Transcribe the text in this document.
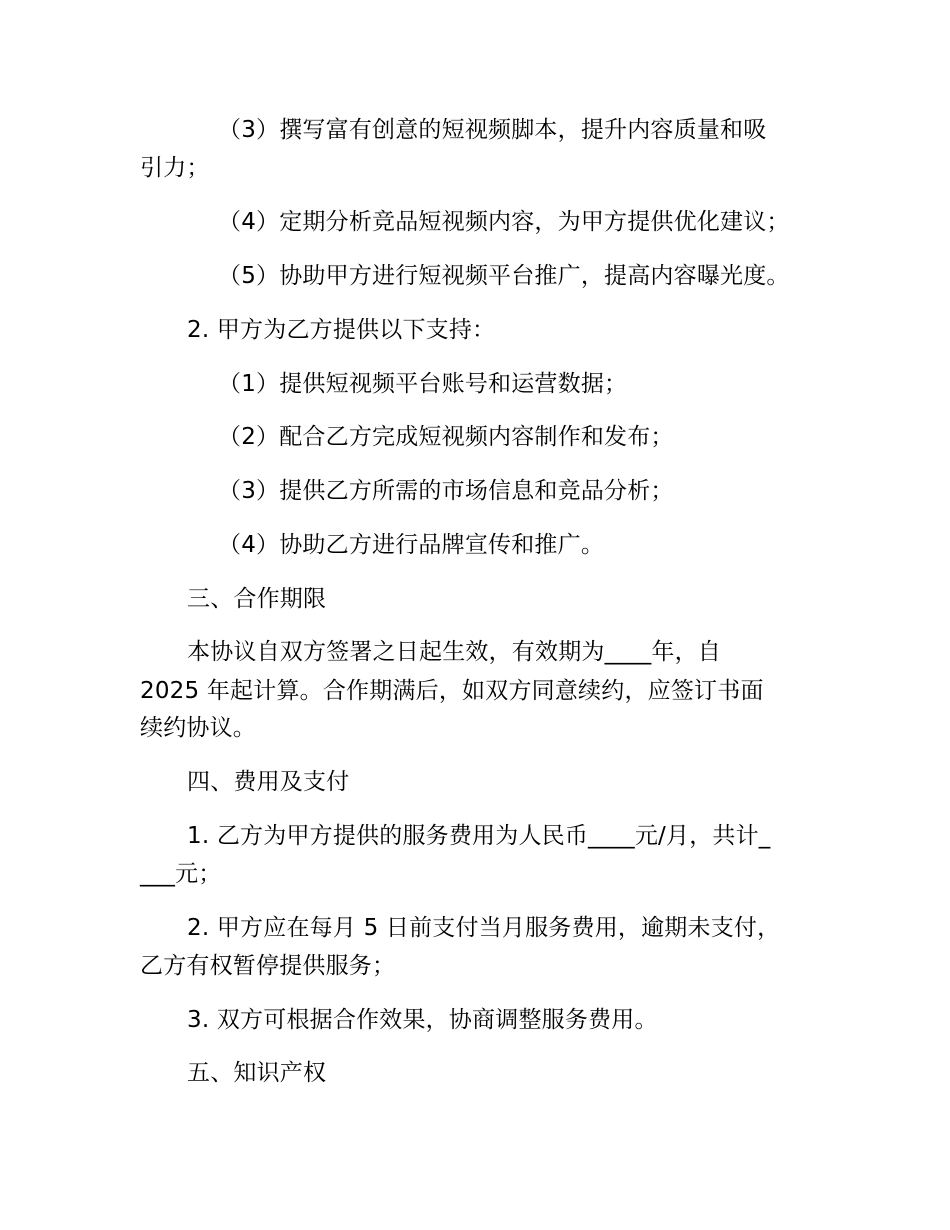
（3）撰写富有创意的短视频脚本，提升内容质量和吸
引力；
（4）定期分析竞品短视频内容，为甲方提供优化建议；
（5）协助甲方进行短视频平台推广，提高内容曝光度。
2. 甲方为乙方提供以下支持：
（1）提供短视频平台账号和运营数据；
（2）配合乙方完成短视频内容制作和发布；
（3）提供乙方所需的市场信息和竞品分析；
（4）协助乙方进行品牌宣传和推广。
三、合作期限
本协议自双方签署之日起生效，有效期为____年，自
2025 年起计算。合作期满后，如双方同意续约，应签订书面
续约协议。
四、费用及支付
1. 乙方为甲方提供的服务费用为人民币____元/月，共计_
___元；
2. 甲方应在每月 5 日前支付当月服务费用，逾期未支付，
乙方有权暂停提供服务；
3. 双方可根据合作效果，协商调整服务费用。
五、知识产权
